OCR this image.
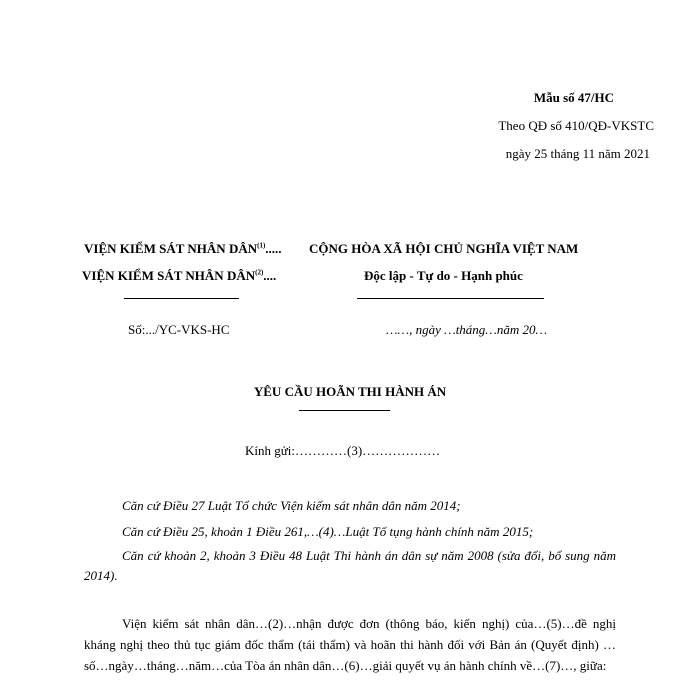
Mẫu số 47/HC
Theo QĐ số 410/QĐ-VKSTC
ngày 25 tháng 11 năm 2021
VIỆN KIỂM SÁT NHÂN DÂN$^{(1)}$.....
VIỆN KIỂM SÁT NHÂN DÂN$^{(2)}$....
CỘNG HÒA XÃ HỘI CHỦ NGHĨA VIỆT NAM
Độc lập - Tự do - Hạnh phúc
Số:.../YC-VKS-HC	……, ngày …tháng…năm 20…
YÊU CẦU HOÃN THI HÀNH ÁN
Kính gửi:…………(3)………………
Căn cứ Điều 27 Luật Tổ chức Viện kiểm sát nhân dân năm 2014;
Căn cứ Điều 25, khoản 1 Điều 261,…(4)…Luật Tố tụng hành chính năm 2015;
Căn cứ khoản 2, khoản 3 Điều 48 Luật Thi hành án dân sự năm 2008 (sửa đổi, bổ sung năm 2014).
Viện kiểm sát nhân dân…(2)…nhận được đơn (thông báo, kiến nghị) của…(5)…đề nghị kháng nghị theo thủ tục giám đốc thẩm (tái thẩm) và hoãn thi hành đối với Bản án (Quyết định) …số…ngày…tháng…năm…của Tòa án nhân dân…(6)…giải quyết vụ án hành chính về…(7)…, giữa:
